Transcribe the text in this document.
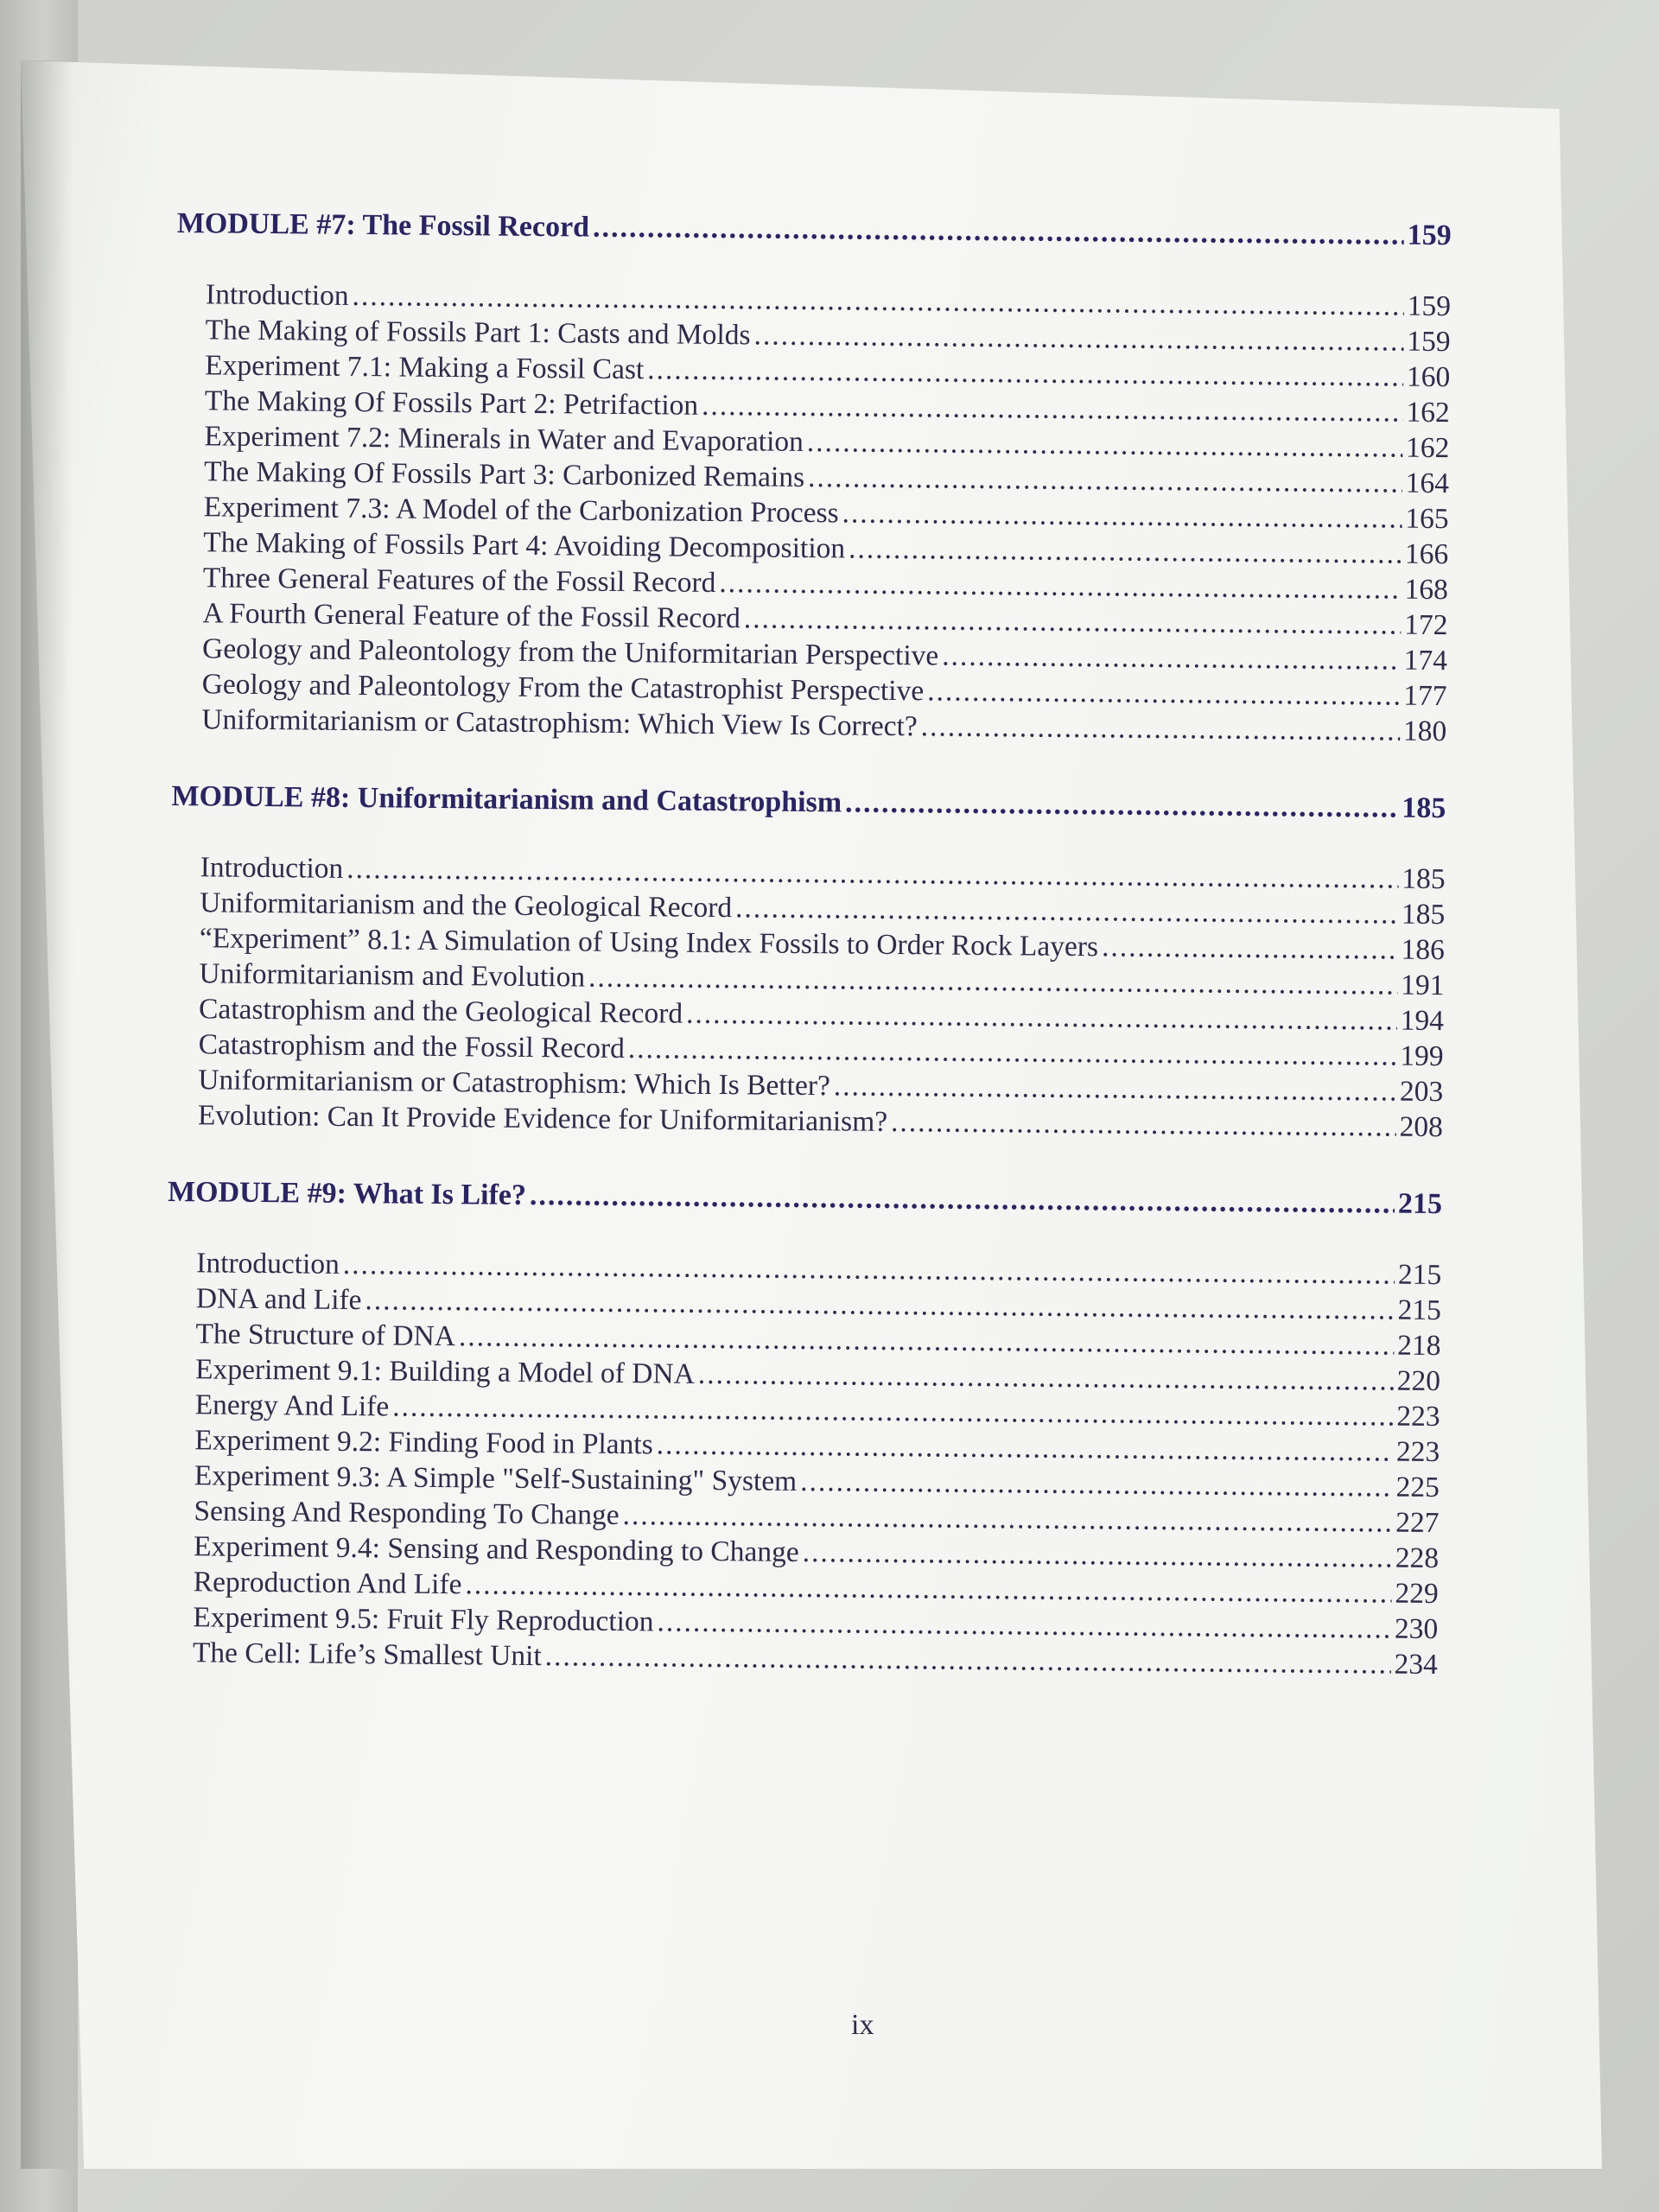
MODULE #7: The Fossil Record .....	159
Introduction .....	159
The Making of Fossils Part 1: Casts and Molds .....	159
Experiment 7.1: Making a Fossil Cast .....	160
The Making Of Fossils Part 2: Petrifaction .....	162
Experiment 7.2: Minerals in Water and Evaporation .....	162
The Making Of Fossils Part 3: Carbonized Remains .....	164
Experiment 7.3: A Model of the Carbonization Process .....	165
The Making of Fossils Part 4: Avoiding Decomposition .....	166
Three General Features of the Fossil Record .....	168
A Fourth General Feature of the Fossil Record .....	172
Geology and Paleontology from the Uniformitarian Perspective .....	174
Geology and Paleontology From the Catastrophist Perspective .....	177
Uniformitarianism or Catastrophism: Which View Is Correct? .....	180
MODULE #8: Uniformitarianism and Catastrophism .....	185
Introduction .....	185
Uniformitarianism and the Geological Record .....	185
“Experiment” 8.1: A Simulation of Using Index Fossils to Order Rock Layers .....	186
Uniformitarianism and Evolution .....	191
Catastrophism and the Geological Record .....	194
Catastrophism and the Fossil Record .....	199
Uniformitarianism or Catastrophism: Which Is Better? .....	203
Evolution: Can It Provide Evidence for Uniformitarianism? .....	208
MODULE #9: What Is Life? .....	215
Introduction .....	215
DNA and Life .....	215
The Structure of DNA .....	218
Experiment 9.1: Building a Model of DNA .....	220
Energy And Life .....	223
Experiment 9.2: Finding Food in Plants .....	223
Experiment 9.3: A Simple "Self-Sustaining" System .....	225
Sensing And Responding To Change .....	227
Experiment 9.4: Sensing and Responding to Change .....	228
Reproduction And Life .....	229
Experiment 9.5: Fruit Fly Reproduction .....	230
The Cell: Life’s Smallest Unit .....	234
ix
